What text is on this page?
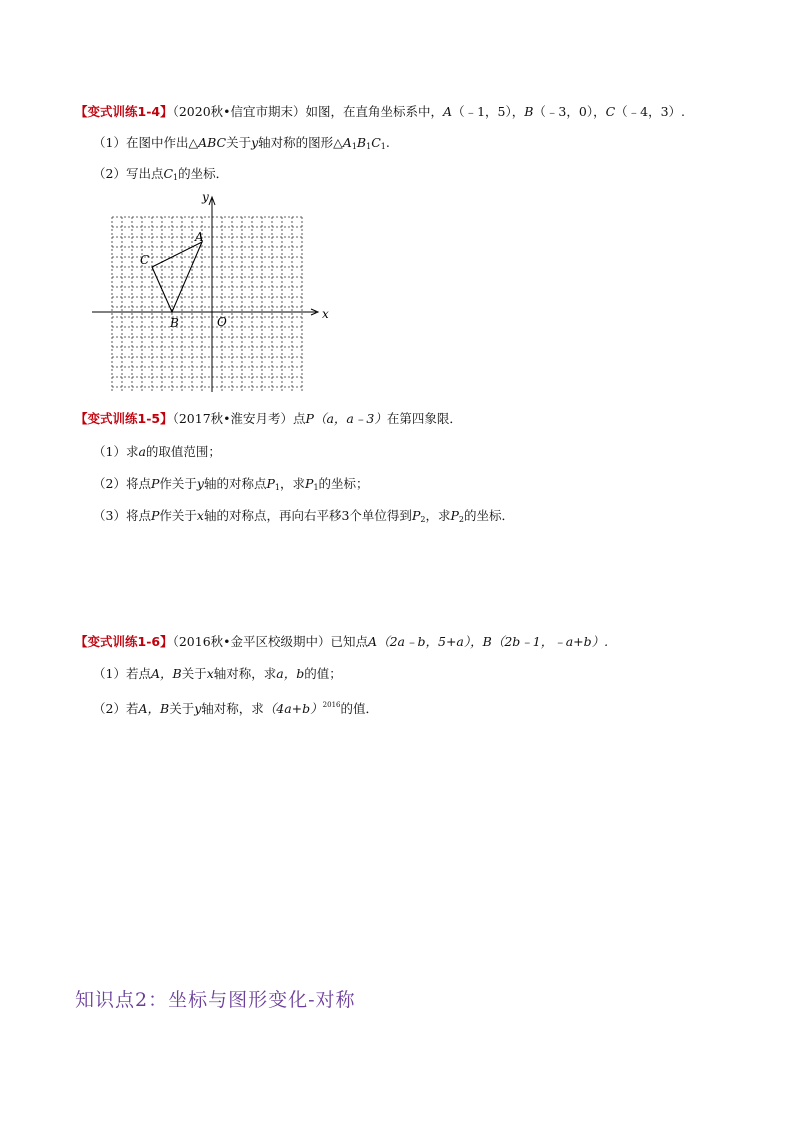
【变式训练1-4】（2020秋•信宜市期末）如图，在直角坐标系中，A（﹣1，5），B（﹣3，0），C（﹣4，3）.
（1）在图中作出△ABC关于y轴对称的图形$\triangle A_1B_1C_1$.
（2）写出点$C_1$的坐标．
x
y
O
A
B
C
【变式训练1-5】（2017秋•淮安月考）点P（a，a﹣3）在第四象限．
（1）求a的取值范围；
（2）将点P作关于y轴的对称点$P_1$，求$P_1$的坐标；
（3）将点P作关于x轴的对称点，再向右平移3个单位得到$P_2$，求$P_2$的坐标．
【变式训练1-6】（2016秋•金平区校级期中）已知点A（2a﹣b，5+a），B（2b﹣1，﹣a+b）.
（1）若点A，B关于x轴对称，求a，b的值；
（2）若A，B关于y轴对称，求$(4a+b)^{2016}$的值．
知识点2：坐标与图形变化-对称
